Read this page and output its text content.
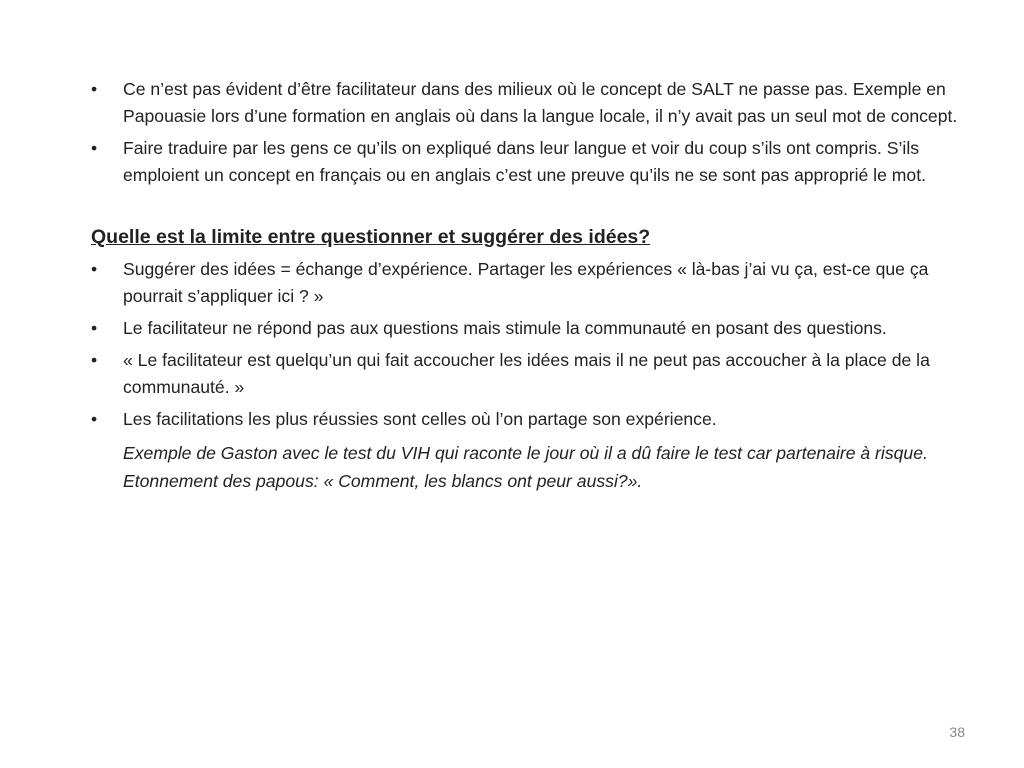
• Ce n’est pas évident d’être facilitateur dans des milieux où le concept de SALT ne passe pas. Exemple en Papouasie lors d’une formation en anglais où dans la langue locale, il n’y avait pas un seul mot de concept.
• Faire traduire par les gens ce qu’ils on expliqué dans leur langue et voir du coup s’ils ont compris. S’ils emploient un concept en français ou en anglais c’est une preuve qu’ils ne se sont pas approprié le mot.
Quelle est la limite entre questionner et suggérer des idées?
• Suggérer des idées = échange d’expérience. Partager les expériences « là-bas j’ai vu ça, est-ce que ça pourrait s’appliquer ici ? »
• Le facilitateur ne répond pas aux questions mais stimule la communauté en posant des questions.
• « Le facilitateur est quelqu’un qui fait accoucher les idées mais il ne peut pas accoucher à la place de la communauté. »
• Les facilitations les plus réussies sont celles où l’on partage son expérience.
Exemple de Gaston avec le test du VIH qui raconte le jour où il a dû faire le test car partenaire à risque. Etonnement des papous: « Comment, les blancs ont peur aussi?».
38
